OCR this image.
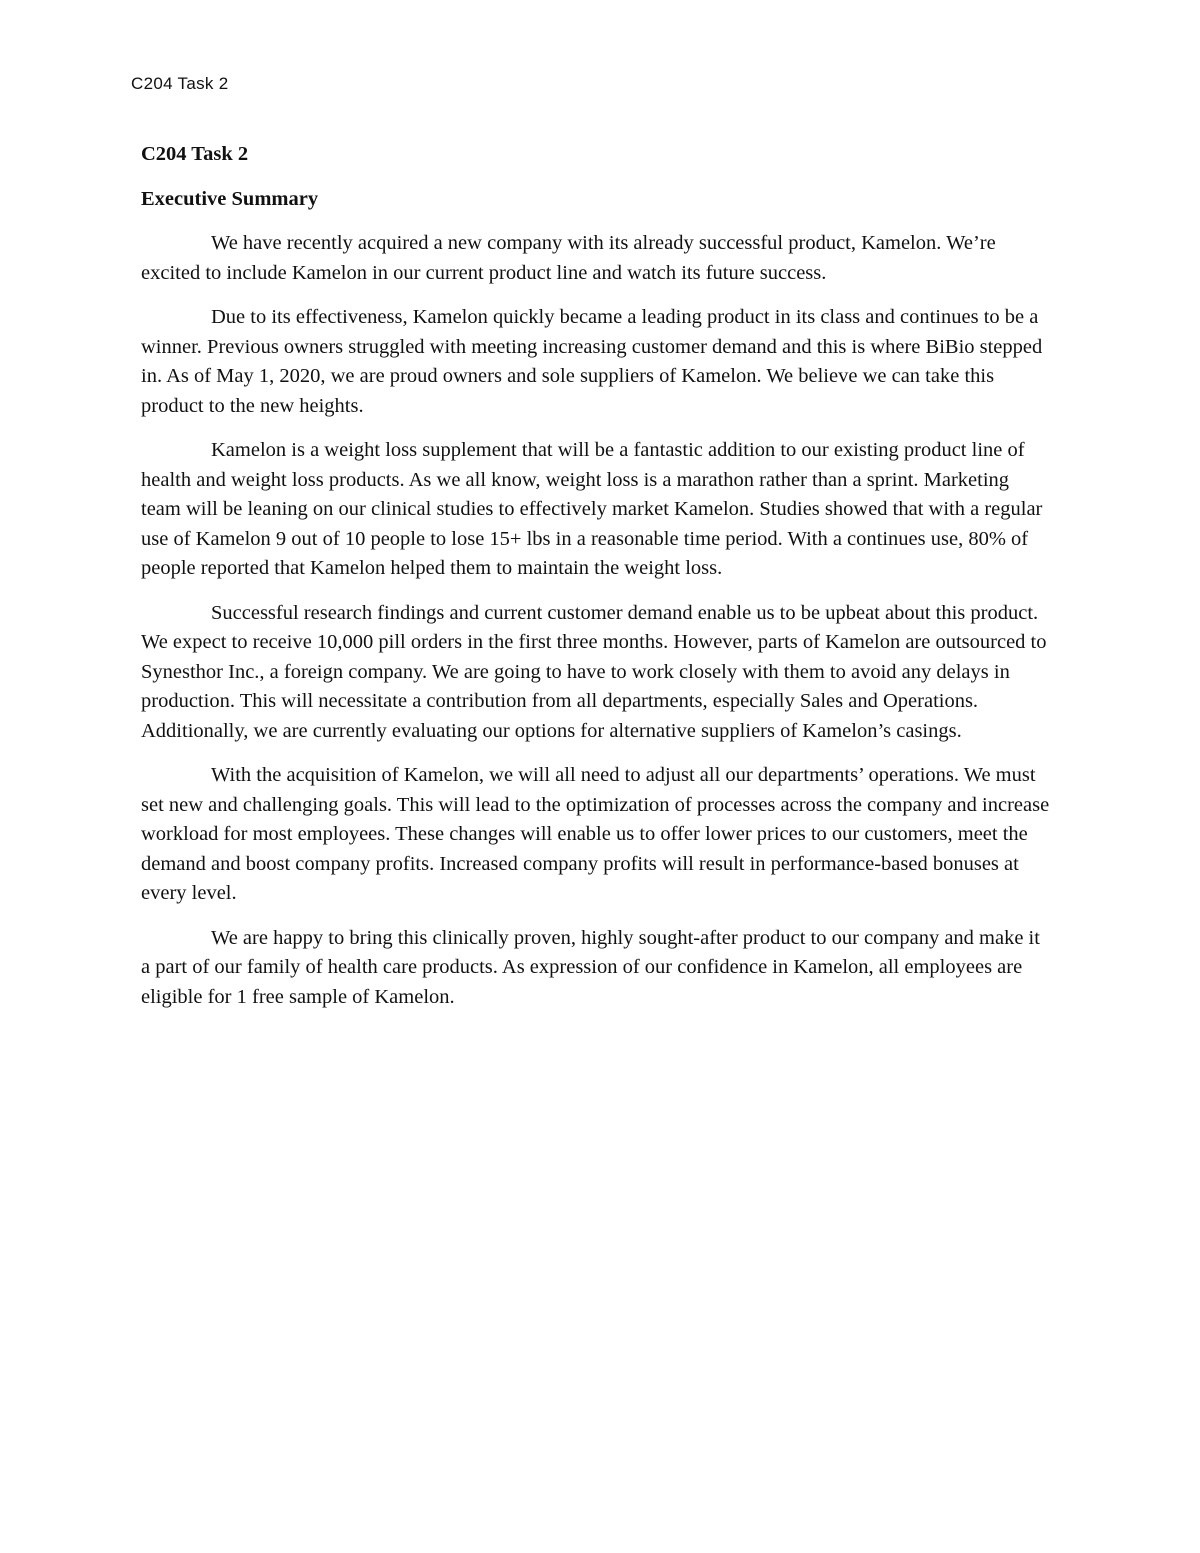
C204 Task 2
C204 Task 2
Executive Summary

We have recently acquired a new company with its already successful product, Kamelon. We’re excited to include Kamelon in our current product line and watch its future success.

Due to its effectiveness, Kamelon quickly became a leading product in its class and continues to be a winner. Previous owners struggled with meeting increasing customer demand and this is where BiBio stepped in. As of May 1, 2020, we are proud owners and sole suppliers of Kamelon. We believe we can take this product to the new heights.

Kamelon is a weight loss supplement that will be a fantastic addition to our existing product line of health and weight loss products. As we all know, weight loss is a marathon rather than a sprint. Marketing team will be leaning on our clinical studies to effectively market Kamelon. Studies showed that with a regular use of Kamelon 9 out of 10 people to lose 15+ lbs in a reasonable time period. With a continues use, 80% of people reported that Kamelon helped them to maintain the weight loss.

Successful research findings and current customer demand enable us to be upbeat about this product. We expect to receive 10,000 pill orders in the first three months. However, parts of Kamelon are outsourced to Synesthor Inc., a foreign company. We are going to have to work closely with them to avoid any delays in production. This will necessitate a contribution from all departments, especially Sales and Operations. Additionally, we are currently evaluating our options for alternative suppliers of Kamelon’s casings.

With the acquisition of Kamelon, we will all need to adjust all our departments’ operations. We must set new and challenging goals. This will lead to the optimization of processes across the company and increase workload for most employees. These changes will enable us to offer lower prices to our customers, meet the demand and boost company profits. Increased company profits will result in performance-based bonuses at every level.

We are happy to bring this clinically proven, highly sought-after product to our company and make it a part of our family of health care products. As expression of our confidence in Kamelon, all employees are eligible for 1 free sample of Kamelon.
